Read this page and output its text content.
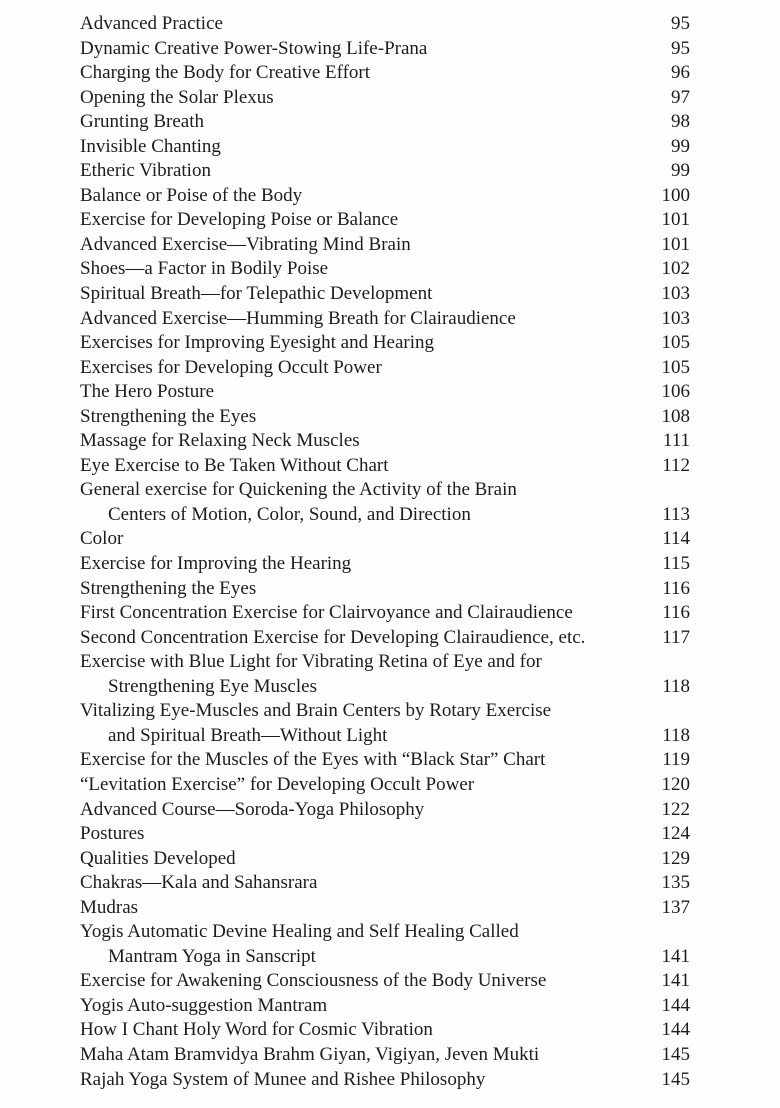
Advanced Practice	95
Dynamic Creative Power-Stowing Life-Prana	95
Charging the Body for Creative Effort	96
Opening the Solar Plexus	97
Grunting Breath	98
Invisible Chanting	99
Etheric Vibration	99
Balance or Poise of the Body	100
Exercise for Developing Poise or Balance	101
Advanced Exercise—Vibrating Mind Brain	101
Shoes—a Factor in Bodily Poise	102
Spiritual Breath—for Telepathic Development	103
Advanced Exercise—Humming Breath for Clairaudience	103
Exercises for Improving Eyesight and Hearing	105
Exercises for Developing Occult Power	105
The Hero Posture	106
Strengthening the Eyes	108
Massage for Relaxing Neck Muscles	111
Eye Exercise to Be Taken Without Chart	112
General exercise for Quickening the Activity of the Brain
Centers of Motion, Color, Sound, and Direction	113
Color	114
Exercise for Improving the Hearing	115
Strengthening the Eyes	116
First Concentration Exercise for Clairvoyance and Clairaudience	116
Second Concentration Exercise for Developing Clairaudience, etc.	117
Exercise with Blue Light for Vibrating Retina of Eye and for
Strengthening Eye Muscles	118
Vitalizing Eye-Muscles and Brain Centers by Rotary Exercise
and Spiritual Breath—Without Light	118
Exercise for the Muscles of the Eyes with “Black Star” Chart	119
“Levitation Exercise” for Developing Occult Power	120
Advanced Course—Soroda-Yoga Philosophy	122
Postures	124
Qualities Developed	129
Chakras—Kala and Sahansrara	135
Mudras	137
Yogis Automatic Devine Healing and Self Healing Called
Mantram Yoga in Sanscript	141
Exercise for Awakening Consciousness of the Body Universe	141
Yogis Auto-suggestion Mantram	144
How I Chant Holy Word for Cosmic Vibration	144
Maha Atam Bramvidya Brahm Giyan, Vigiyan, Jeven Mukti	145
Rajah Yoga System of Munee and Rishee Philosophy	145
